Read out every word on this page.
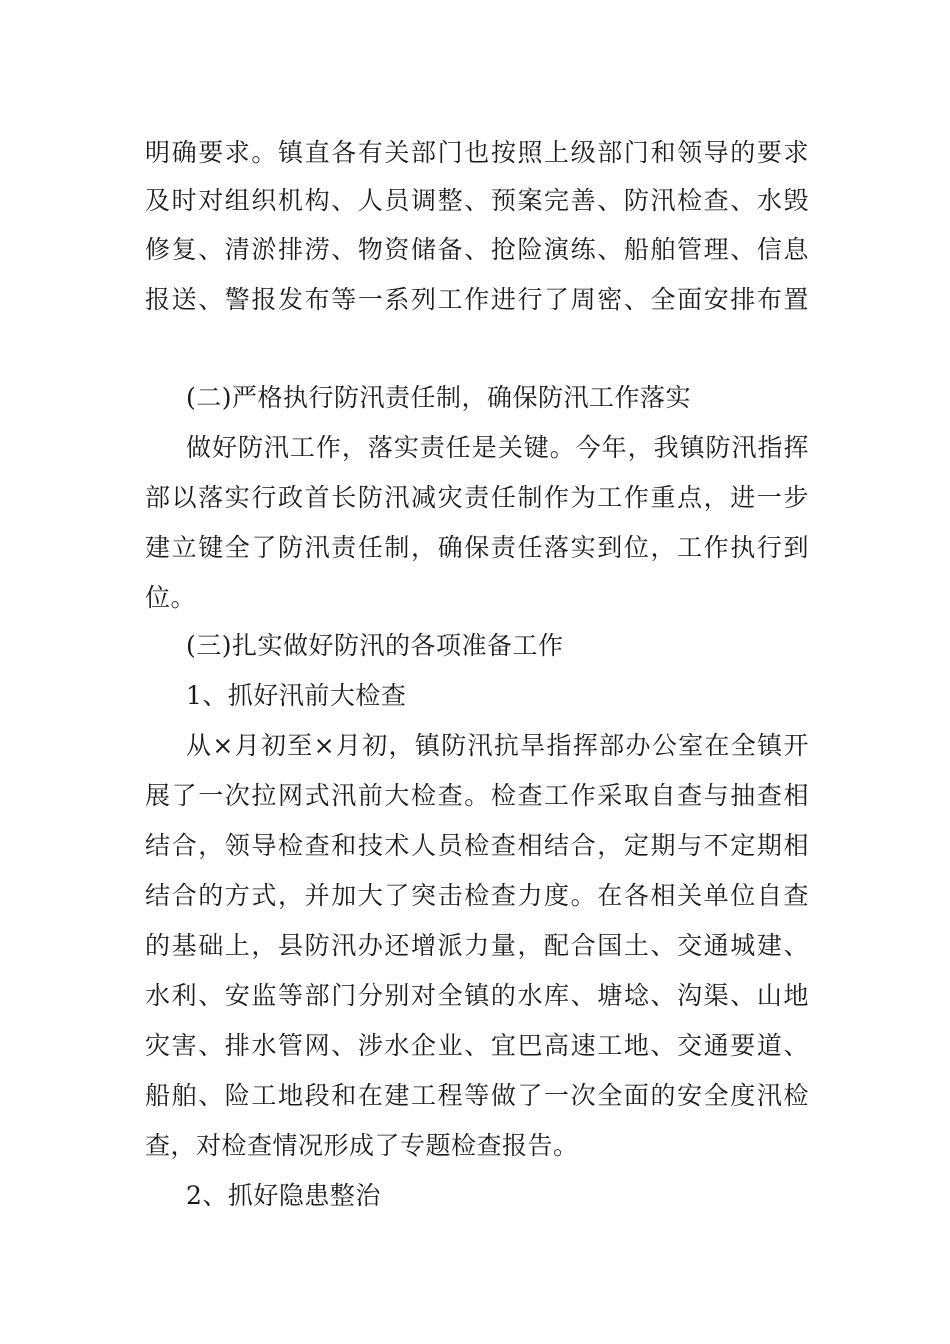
明确要求。镇直各有关部门也按照上级部门和领导的要求
及时对组织机构、人员调整、预案完善、防汛检查、水毁
修复、清淤排涝、物资储备、抢险演练、船舶管理、信息
报送、警报发布等一系列工作进行了周密、全面安排布置
(二)严格执行防汛责任制，确保防汛工作落实
做好防汛工作，落实责任是关键。今年，我镇防汛指挥
部以落实行政首长防汛减灾责任制作为工作重点，进一步
建立键全了防汛责任制，确保责任落实到位，工作执行到
位。
(三)扎实做好防汛的各项准备工作
1、抓好汛前大检查
从×月初至×月初，镇防汛抗旱指挥部办公室在全镇开
展了一次拉网式汛前大检查。检查工作采取自查与抽查相
结合，领导检查和技术人员检查相结合，定期与不定期相
结合的方式，并加大了突击检查力度。在各相关单位自查
的基础上，县防汛办还增派力量，配合国土、交通城建、
水利、安监等部门分别对全镇的水库、塘埝、沟渠、山地
灾害、排水管网、涉水企业、宜巴高速工地、交通要道、
船舶、险工地段和在建工程等做了一次全面的安全度汛检
查，对检查情况形成了专题检查报告。
2、抓好隐患整治
